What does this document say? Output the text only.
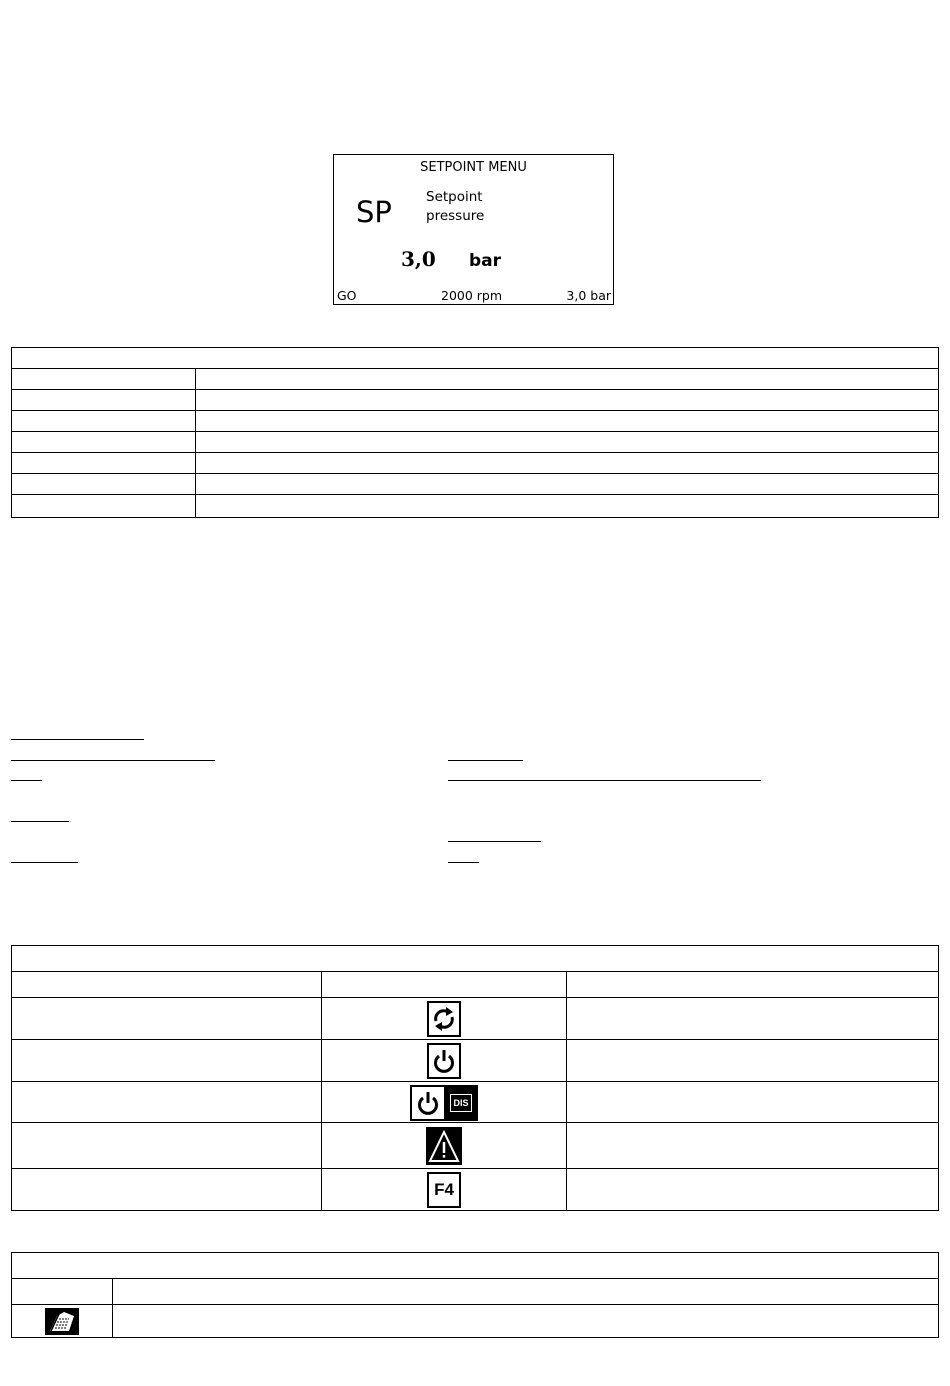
SETPOINT MENU
SP	Setpoint
pressure
3,0 bar
GO	2000 rpm	3,0 bar
DIS
F4
